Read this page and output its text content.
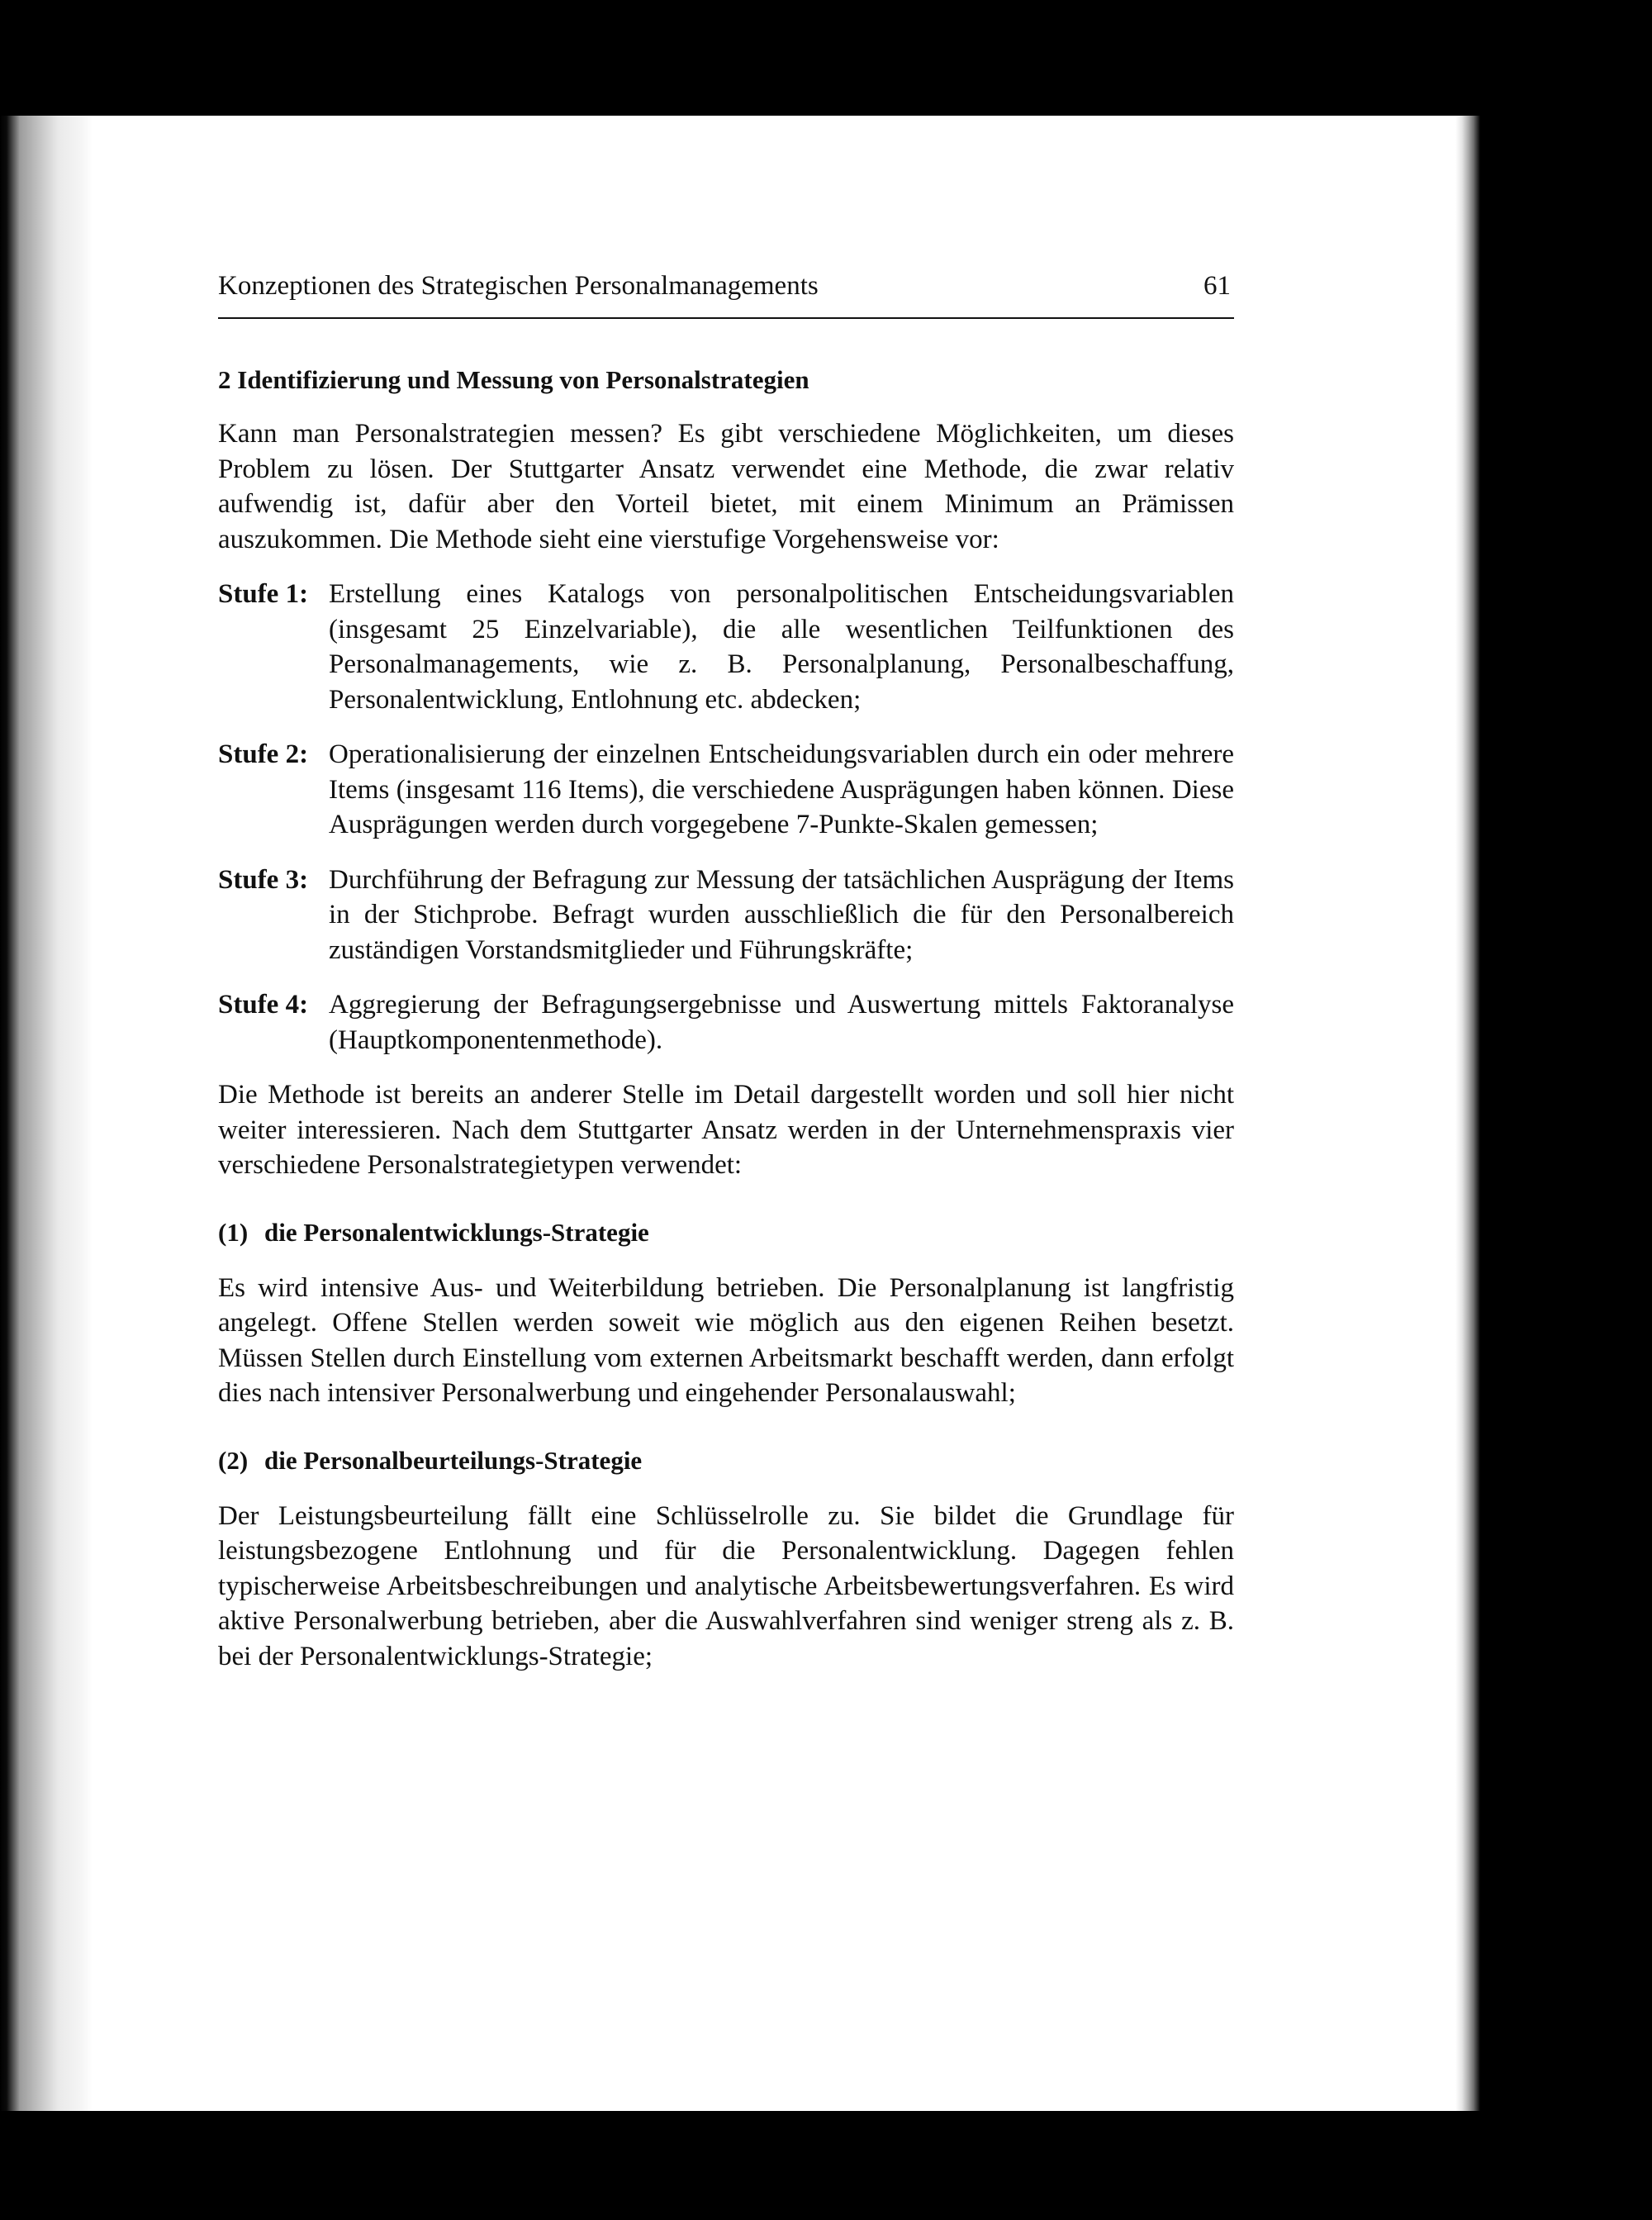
Konzeptionen des Strategischen Personalmanagements	61
2 Identifizierung und Messung von Personalstrategien

Kann man Personalstrategien messen? Es gibt verschiedene Möglichkeiten, um dieses Problem zu lösen. Der Stuttgarter Ansatz verwendet eine Methode, die zwar relativ aufwendig ist, dafür aber den Vorteil bietet, mit einem Minimum an Prämissen auszukommen. Die Methode sieht eine vierstufige Vorgehensweise vor:

Stufe 1: Erstellung eines Katalogs von personalpolitischen Entscheidungsvariablen (insgesamt 25 Einzelvariable), die alle wesentlichen Teilfunktionen des Personalmanagements, wie z. B. Personalplanung, Personalbeschaffung, Personalentwicklung, Entlohnung etc. abdecken;
Stufe 2: Operationalisierung der einzelnen Entscheidungsvariablen durch ein oder mehrere Items (insgesamt 116 Items), die verschiedene Ausprägungen haben können. Diese Ausprägungen werden durch vorgegebene 7-Punkte-Skalen gemessen;
Stufe 3: Durchführung der Befragung zur Messung der tatsächlichen Ausprägung der Items in der Stichprobe. Befragt wurden ausschließlich die für den Personalbereich zuständigen Vorstandsmitglieder und Führungskräfte;
Stufe 4: Aggregierung der Befragungsergebnisse und Auswertung mittels Faktoranalyse (Hauptkomponentenmethode).

Die Methode ist bereits an anderer Stelle im Detail dargestellt worden und soll hier nicht weiter interessieren. Nach dem Stuttgarter Ansatz werden in der Unternehmenspraxis vier verschiedene Personalstrategietypen verwendet:

(1) die Personalentwicklungs-Strategie

Es wird intensive Aus- und Weiterbildung betrieben. Die Personalplanung ist langfristig angelegt. Offene Stellen werden soweit wie möglich aus den eigenen Reihen besetzt. Müssen Stellen durch Einstellung vom externen Arbeitsmarkt beschafft werden, dann erfolgt dies nach intensiver Personalwerbung und eingehender Personalauswahl;

(2) die Personalbeurteilungs-Strategie

Der Leistungsbeurteilung fällt eine Schlüsselrolle zu. Sie bildet die Grundlage für leistungsbezogene Entlohnung und für die Personalentwicklung. Dagegen fehlen typischerweise Arbeitsbeschreibungen und analytische Arbeitsbewertungsverfahren. Es wird aktive Personalwerbung betrieben, aber die Auswahlverfahren sind weniger streng als z. B. bei der Personalentwicklungs-Strategie;
